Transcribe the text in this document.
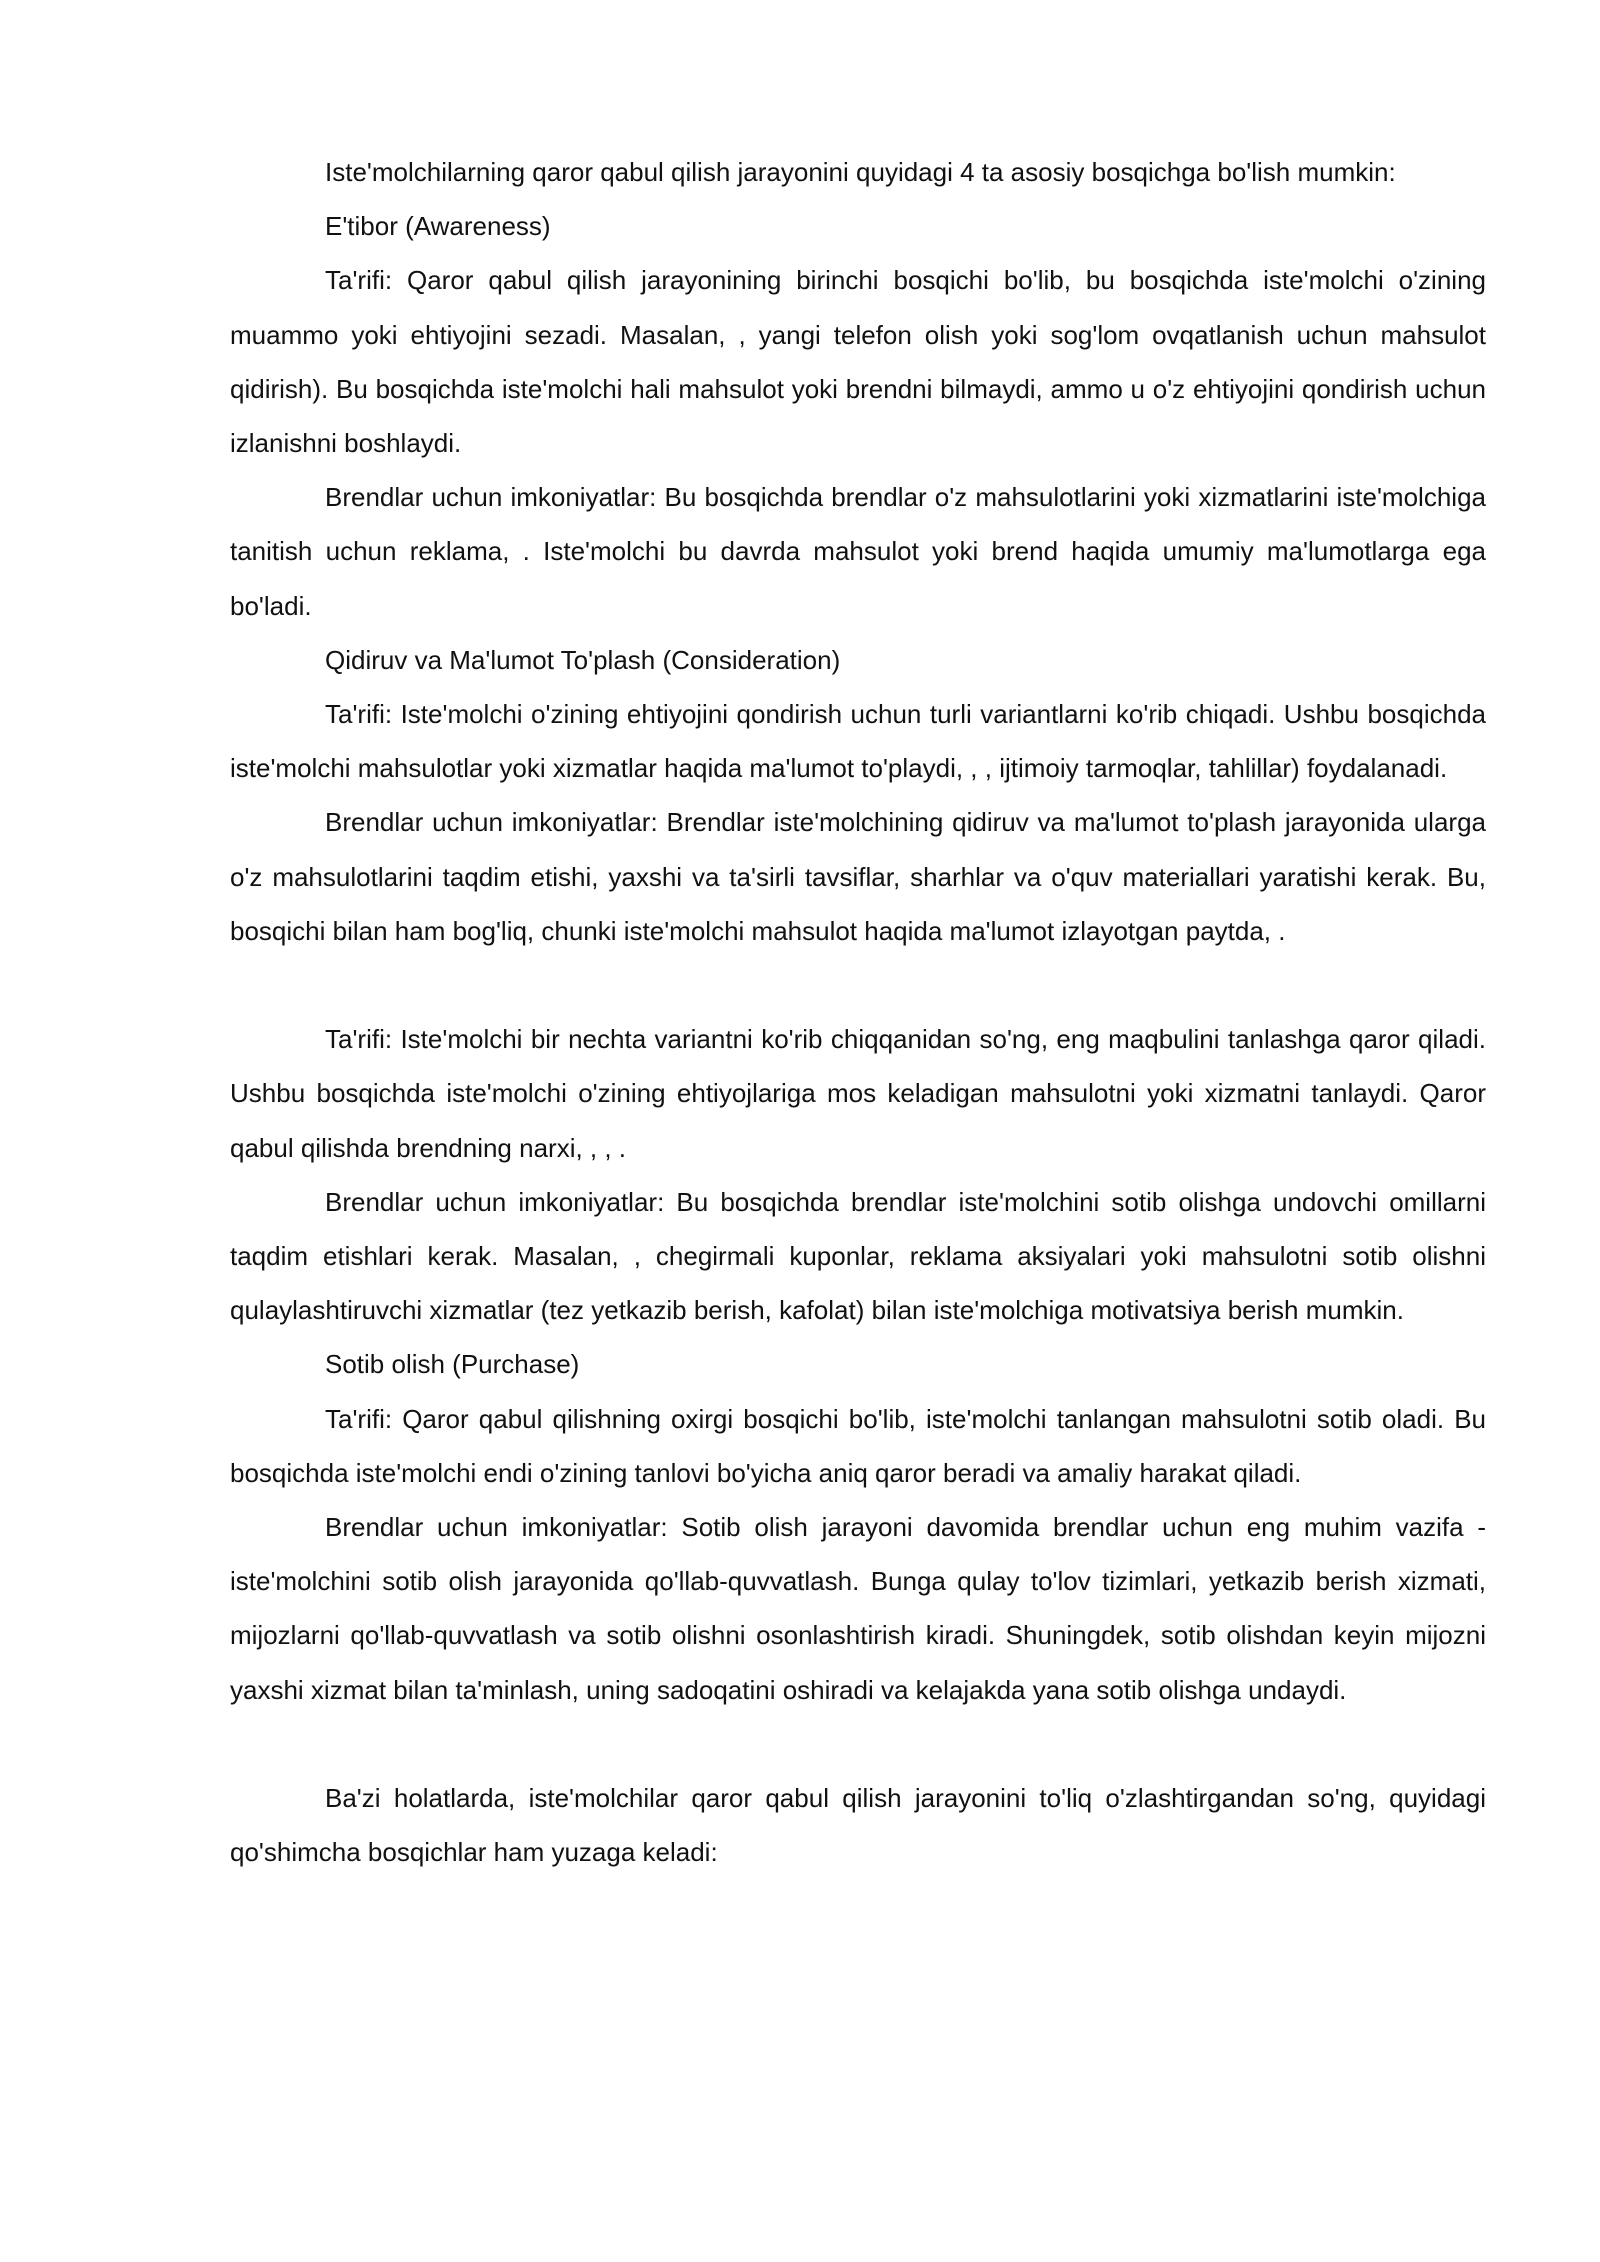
Iste'molchilarning qaror qabul qilish jarayonini quyidagi 4 ta asosiy bosqichga bo'lish mumkin:

E'tibor (Awareness)

Ta'rifi: Qaror qabul qilish jarayonining birinchi bosqichi bo'lib, bu bosqichda iste'molchi o'zining muammo yoki ehtiyojini sezadi. Masalan, , yangi telefon olish yoki sog'lom ovqatlanish uchun mahsulot qidirish). Bu bosqichda iste'molchi hali mahsulot yoki brendni bilmaydi, ammo u o'z ehtiyojini qondirish uchun izlanishni boshlaydi.

Brendlar uchun imkoniyatlar: Bu bosqichda brendlar o'z mahsulotlarini yoki xizmatlarini iste'molchiga tanitish uchun reklama, . Iste'molchi bu davrda mahsulot yoki brend haqida umumiy ma'lumotlarga ega bo'ladi.

Qidiruv va Ma'lumot To'plash (Consideration)

Ta'rifi: Iste'molchi o'zining ehtiyojini qondirish uchun turli variantlarni ko'rib chiqadi. Ushbu bosqichda iste'molchi mahsulotlar yoki xizmatlar haqida ma'lumot to'playdi, , , ijtimoiy tarmoqlar, tahlillar) foydalanadi.

Brendlar uchun imkoniyatlar: Brendlar iste'molchining qidiruv va ma'lumot to'plash jarayonida ularga o'z mahsulotlarini taqdim etishi, yaxshi va ta'sirli tavsiflar, sharhlar va o'quv materiallari yaratishi kerak. Bu, bosqichi bilan ham bog'liq, chunki iste'molchi mahsulot haqida ma'lumot izlayotgan paytda, .

Ta'rifi: Iste'molchi bir nechta variantni ko'rib chiqqanidan so'ng, eng maqbulini tanlashga qaror qiladi. Ushbu bosqichda iste'molchi o'zining ehtiyojlariga mos keladigan mahsulotni yoki xizmatni tanlaydi. Qaror qabul qilishda brendning narxi, , , .

Brendlar uchun imkoniyatlar: Bu bosqichda brendlar iste'molchini sotib olishga undovchi omillarni taqdim etishlari kerak. Masalan, , chegirmali kuponlar, reklama aksiyalari yoki mahsulotni sotib olishni qulaylashtiruvchi xizmatlar (tez yetkazib berish, kafolat) bilan iste'molchiga motivatsiya berish mumkin.

Sotib olish (Purchase)

Ta'rifi: Qaror qabul qilishning oxirgi bosqichi bo'lib, iste'molchi tanlangan mahsulotni sotib oladi. Bu bosqichda iste'molchi endi o'zining tanlovi bo'yicha aniq qaror beradi va amaliy harakat qiladi.

Brendlar uchun imkoniyatlar: Sotib olish jarayoni davomida brendlar uchun eng muhim vazifa - iste'molchini sotib olish jarayonida qo'llab-quvvatlash. Bunga qulay to'lov tizimlari, yetkazib berish xizmati, mijozlarni qo'llab-quvvatlash va sotib olishni osonlashtirish kiradi. Shuningdek, sotib olishdan keyin mijozni yaxshi xizmat bilan ta'minlash, uning sadoqatini oshiradi va kelajakda yana sotib olishga undaydi.

Ba'zi holatlarda, iste'molchilar qaror qabul qilish jarayonini to'liq o'zlashtirgandan so'ng, quyidagi qo'shimcha bosqichlar ham yuzaga keladi:
